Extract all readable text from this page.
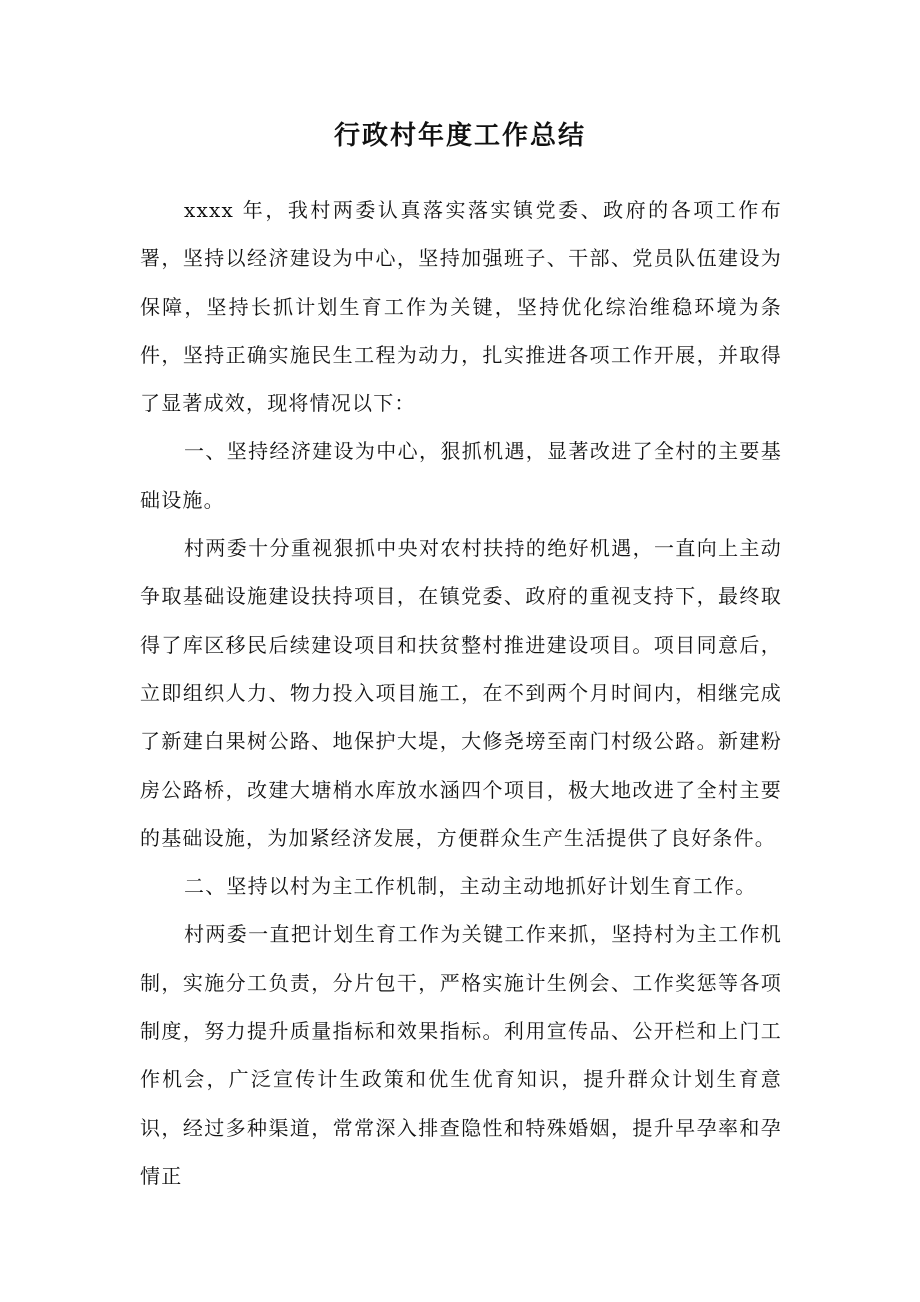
行政村年度工作总结

xxxx 年，我村两委认真落实落实镇党委、政府的各项工作布署，坚持以经济建设为中心，坚持加强班子、干部、党员队伍建设为保障，坚持长抓计划生育工作为关键，坚持优化综治维稳环境为条件，坚持正确实施民生工程为动力，扎实推进各项工作开展，并取得了显著成效，现将情况以下：

一、坚持经济建设为中心，狠抓机遇，显著改进了全村的主要基础设施。

村两委十分重视狠抓中央对农村扶持的绝好机遇，一直向上主动争取基础设施建设扶持项目，在镇党委、政府的重视支持下，最终取得了库区移民后续建设项目和扶贫整村推进建设项目。项目同意后，立即组织人力、物力投入项目施工，在不到两个月时间内，相继完成了新建白果树公路、地保护大堤，大修尧塝至南门村级公路。新建粉房公路桥，改建大塘梢水库放水涵四个项目，极大地改进了全村主要的基础设施，为加紧经济发展，方便群众生产生活提供了良好条件。

二、坚持以村为主工作机制，主动主动地抓好计划生育工作。

村两委一直把计划生育工作为关键工作来抓，坚持村为主工作机制，实施分工负责，分片包干，严格实施计生例会、工作奖惩等各项制度，努力提升质量指标和效果指标。利用宣传品、公开栏和上门工作机会，广泛宣传计生政策和优生优育知识，提升群众计划生育意识，经过多种渠道，常常深入排查隐性和特殊婚姻，提升早孕率和孕情正
